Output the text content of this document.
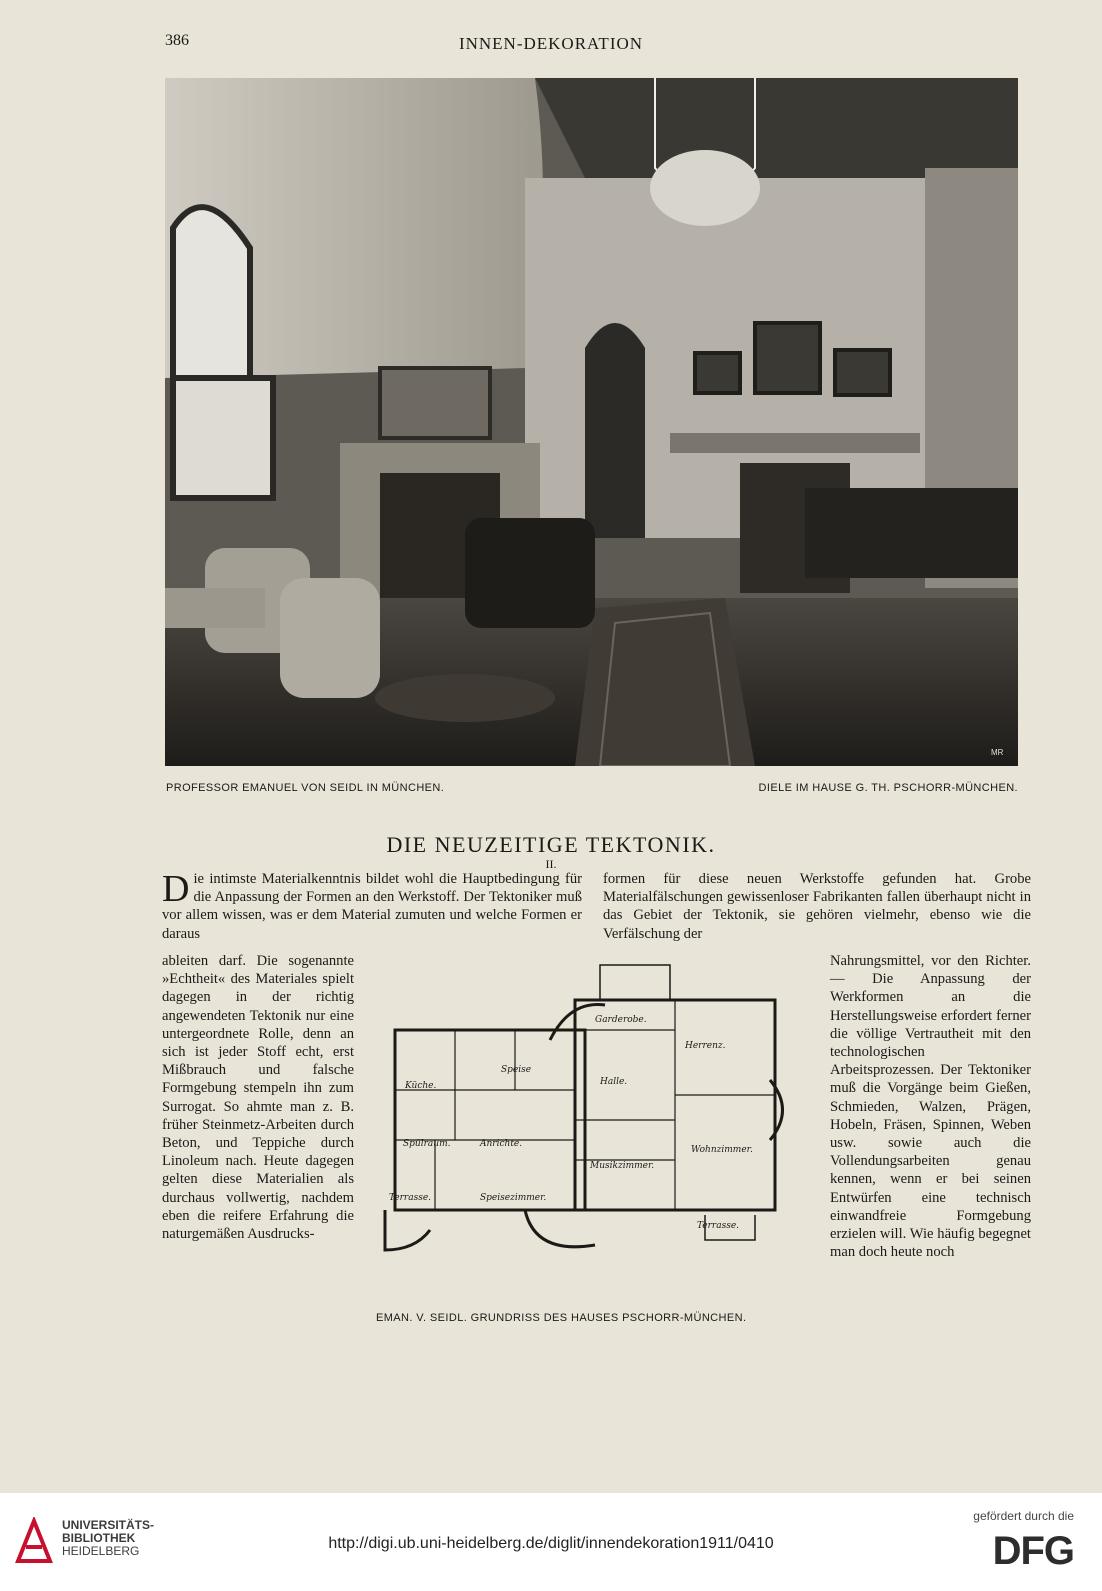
386	INNEN-DEKORATION
MR
PROFESSOR EMANUEL VON SEIDL IN MÜNCHEN.	DIELE IM HAUSE G. TH. PSCHORR-MÜNCHEN.
DIE NEUZEITIGE TEKTONIK.
II.
D ie intimste Materialkenntnis bildet wohl die Hauptbedingung für die Anpassung der Formen an den Werkstoff. Der Tektoniker muß vor allem wissen, was er dem Material zumuten und welche Formen er daraus

ableiten darf. Die sogenannte »Echtheit« des Materiales spielt dagegen in der richtig angewendeten Tektonik nur eine untergeordnete Rolle, denn an sich ist jeder Stoff echt, erst Mißbrauch und falsche Formgebung stempeln ihn zum Surrogat. So ahmte man z. B. früher Steinmetz-Arbeiten durch Beton, und Teppiche durch Linoleum nach. Heute dagegen gelten diese Materialien als durchaus vollwertig, nachdem eben die reifere Erfahrung die naturgemäßen Ausdrucks-

formen für diese neuen Werkstoffe gefunden hat. Grobe Materialfälschungen gewissenloser Fabrikanten fallen überhaupt nicht in das Gebiet der Tektonik, sie gehören vielmehr, ebenso wie die Verfälschung der

Nahrungsmittel, vor den Richter. — Die Anpassung der Werkformen an die Herstellungsweise erfordert ferner die völlige Vertrautheit mit den technologischen Arbeitsprozessen. Der Tektoniker muß die Vorgänge beim Gießen, Schmieden, Walzen, Prägen, Hobeln, Fräsen, Spinnen, Weben usw. sowie auch die Vollendungsarbeiten genau kennen, wenn er bei seinen Entwürfen eine technisch einwandfreie Formgebung erzielen will. Wie häufig begegnet man doch heute noch

Garderobe.
Herrenz.
Speise
Küche.	Halle.
Spülraum.	Anrichte.
Wohnzimmer.
Musikzimmer.
Terrasse.	Speisezimmer.
Terrasse.
EMAN. V. SEIDL. GRUNDRISS DES HAUSES PSCHORR-MÜNCHEN.
UNIVERSITÄTS-
BIBLIOTHEK
HEIDELBERG	http://digi.ub.uni-heidelberg.de/diglit/innendekoration1911/0410
gefördert durch die
DFG
